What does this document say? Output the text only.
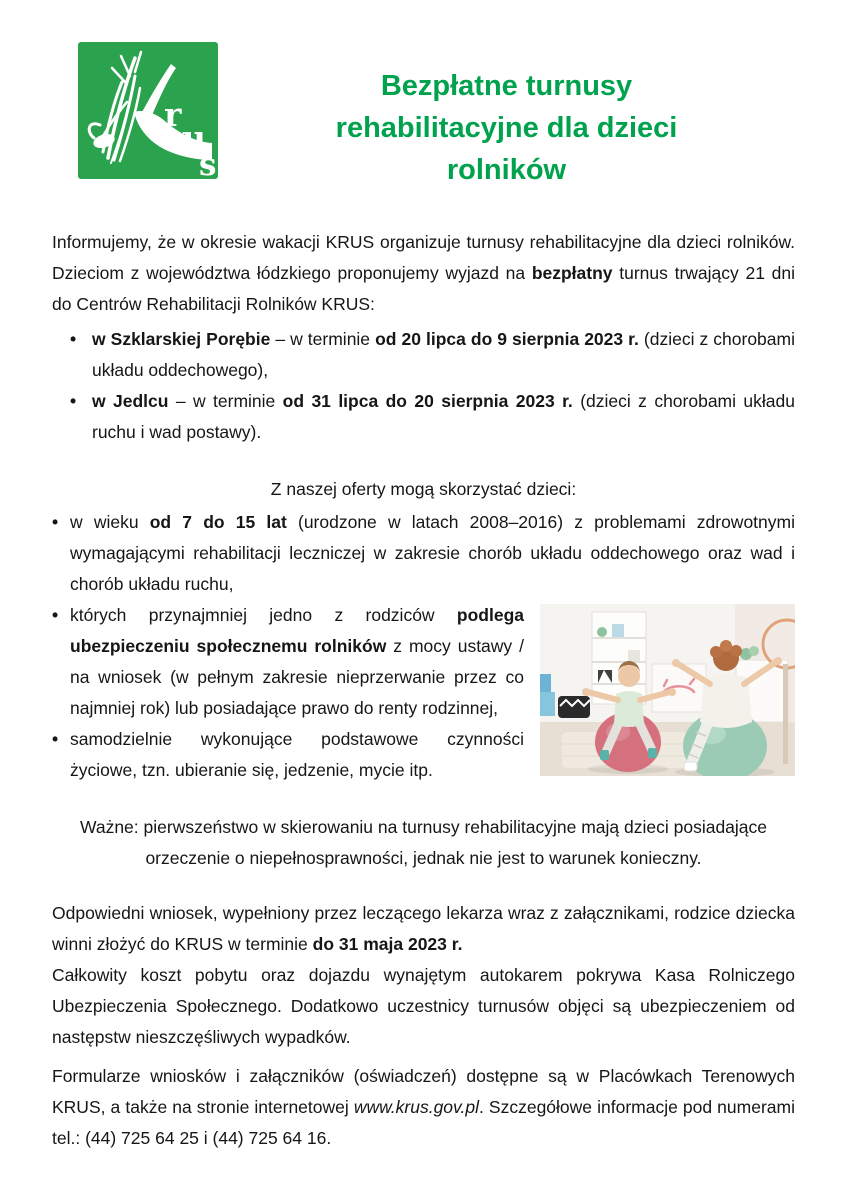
r
u
s
Bezpłatne turnusy
rehabilitacyjne dla dzieci
rolników

Informujemy, że w okresie wakacji KRUS organizuje turnusy rehabilitacyjne dla dzieci rolników. Dzieciom z województwa łódzkiego proponujemy wyjazd na bezpłatny turnus trwający 21 dni do Centrów Rehabilitacji Rolników KRUS:

• w Szklarskiej Porębie – w terminie od 20 lipca do 9 sierpnia 2023 r. (dzieci z chorobami układu oddechowego),
• w Jedlcu – w terminie od 31 lipca do 20 sierpnia 2023 r. (dzieci z chorobami układu ruchu i wad postawy).

Z naszej oferty mogą skorzystać dzieci:

• w wieku od 7 do 15 lat (urodzone w latach 2008–2016) z problemami zdrowotnymi wymagającymi rehabilitacji leczniczej w zakresie chorób układu oddechowego oraz wad i chorób układu ruchu,
• których przynajmniej jedno z rodziców podlega ubezpieczeniu społecznemu rolników z mocy ustawy / na wniosek (w pełnym zakresie nieprzerwanie przez co najmniej rok) lub posiadające prawo do renty rodzinnej,
• samodzielnie wykonujące podstawowe czynności życiowe, tzn. ubieranie się, jedzenie, mycie itp.

Ważne: pierwszeństwo w skierowaniu na turnusy rehabilitacyjne mają dzieci posiadające orzeczenie o niepełnosprawności, jednak nie jest to warunek konieczny.

Odpowiedni wniosek, wypełniony przez leczącego lekarza wraz z załącznikami, rodzice dziecka winni złożyć do KRUS w terminie do 31 maja 2023 r.

Całkowity koszt pobytu oraz dojazdu wynajętym autokarem pokrywa Kasa Rolniczego Ubezpieczenia Społecznego. Dodatkowo uczestnicy turnusów objęci są ubezpieczeniem od następstw nieszczęśliwych wypadków.

Formularze wniosków i załączników (oświadczeń) dostępne są w Placówkach Terenowych KRUS, a także na stronie internetowej www.krus.gov.pl. Szczegółowe informacje pod numerami tel.: (44) 725 64 25 i (44) 725 64 16.
